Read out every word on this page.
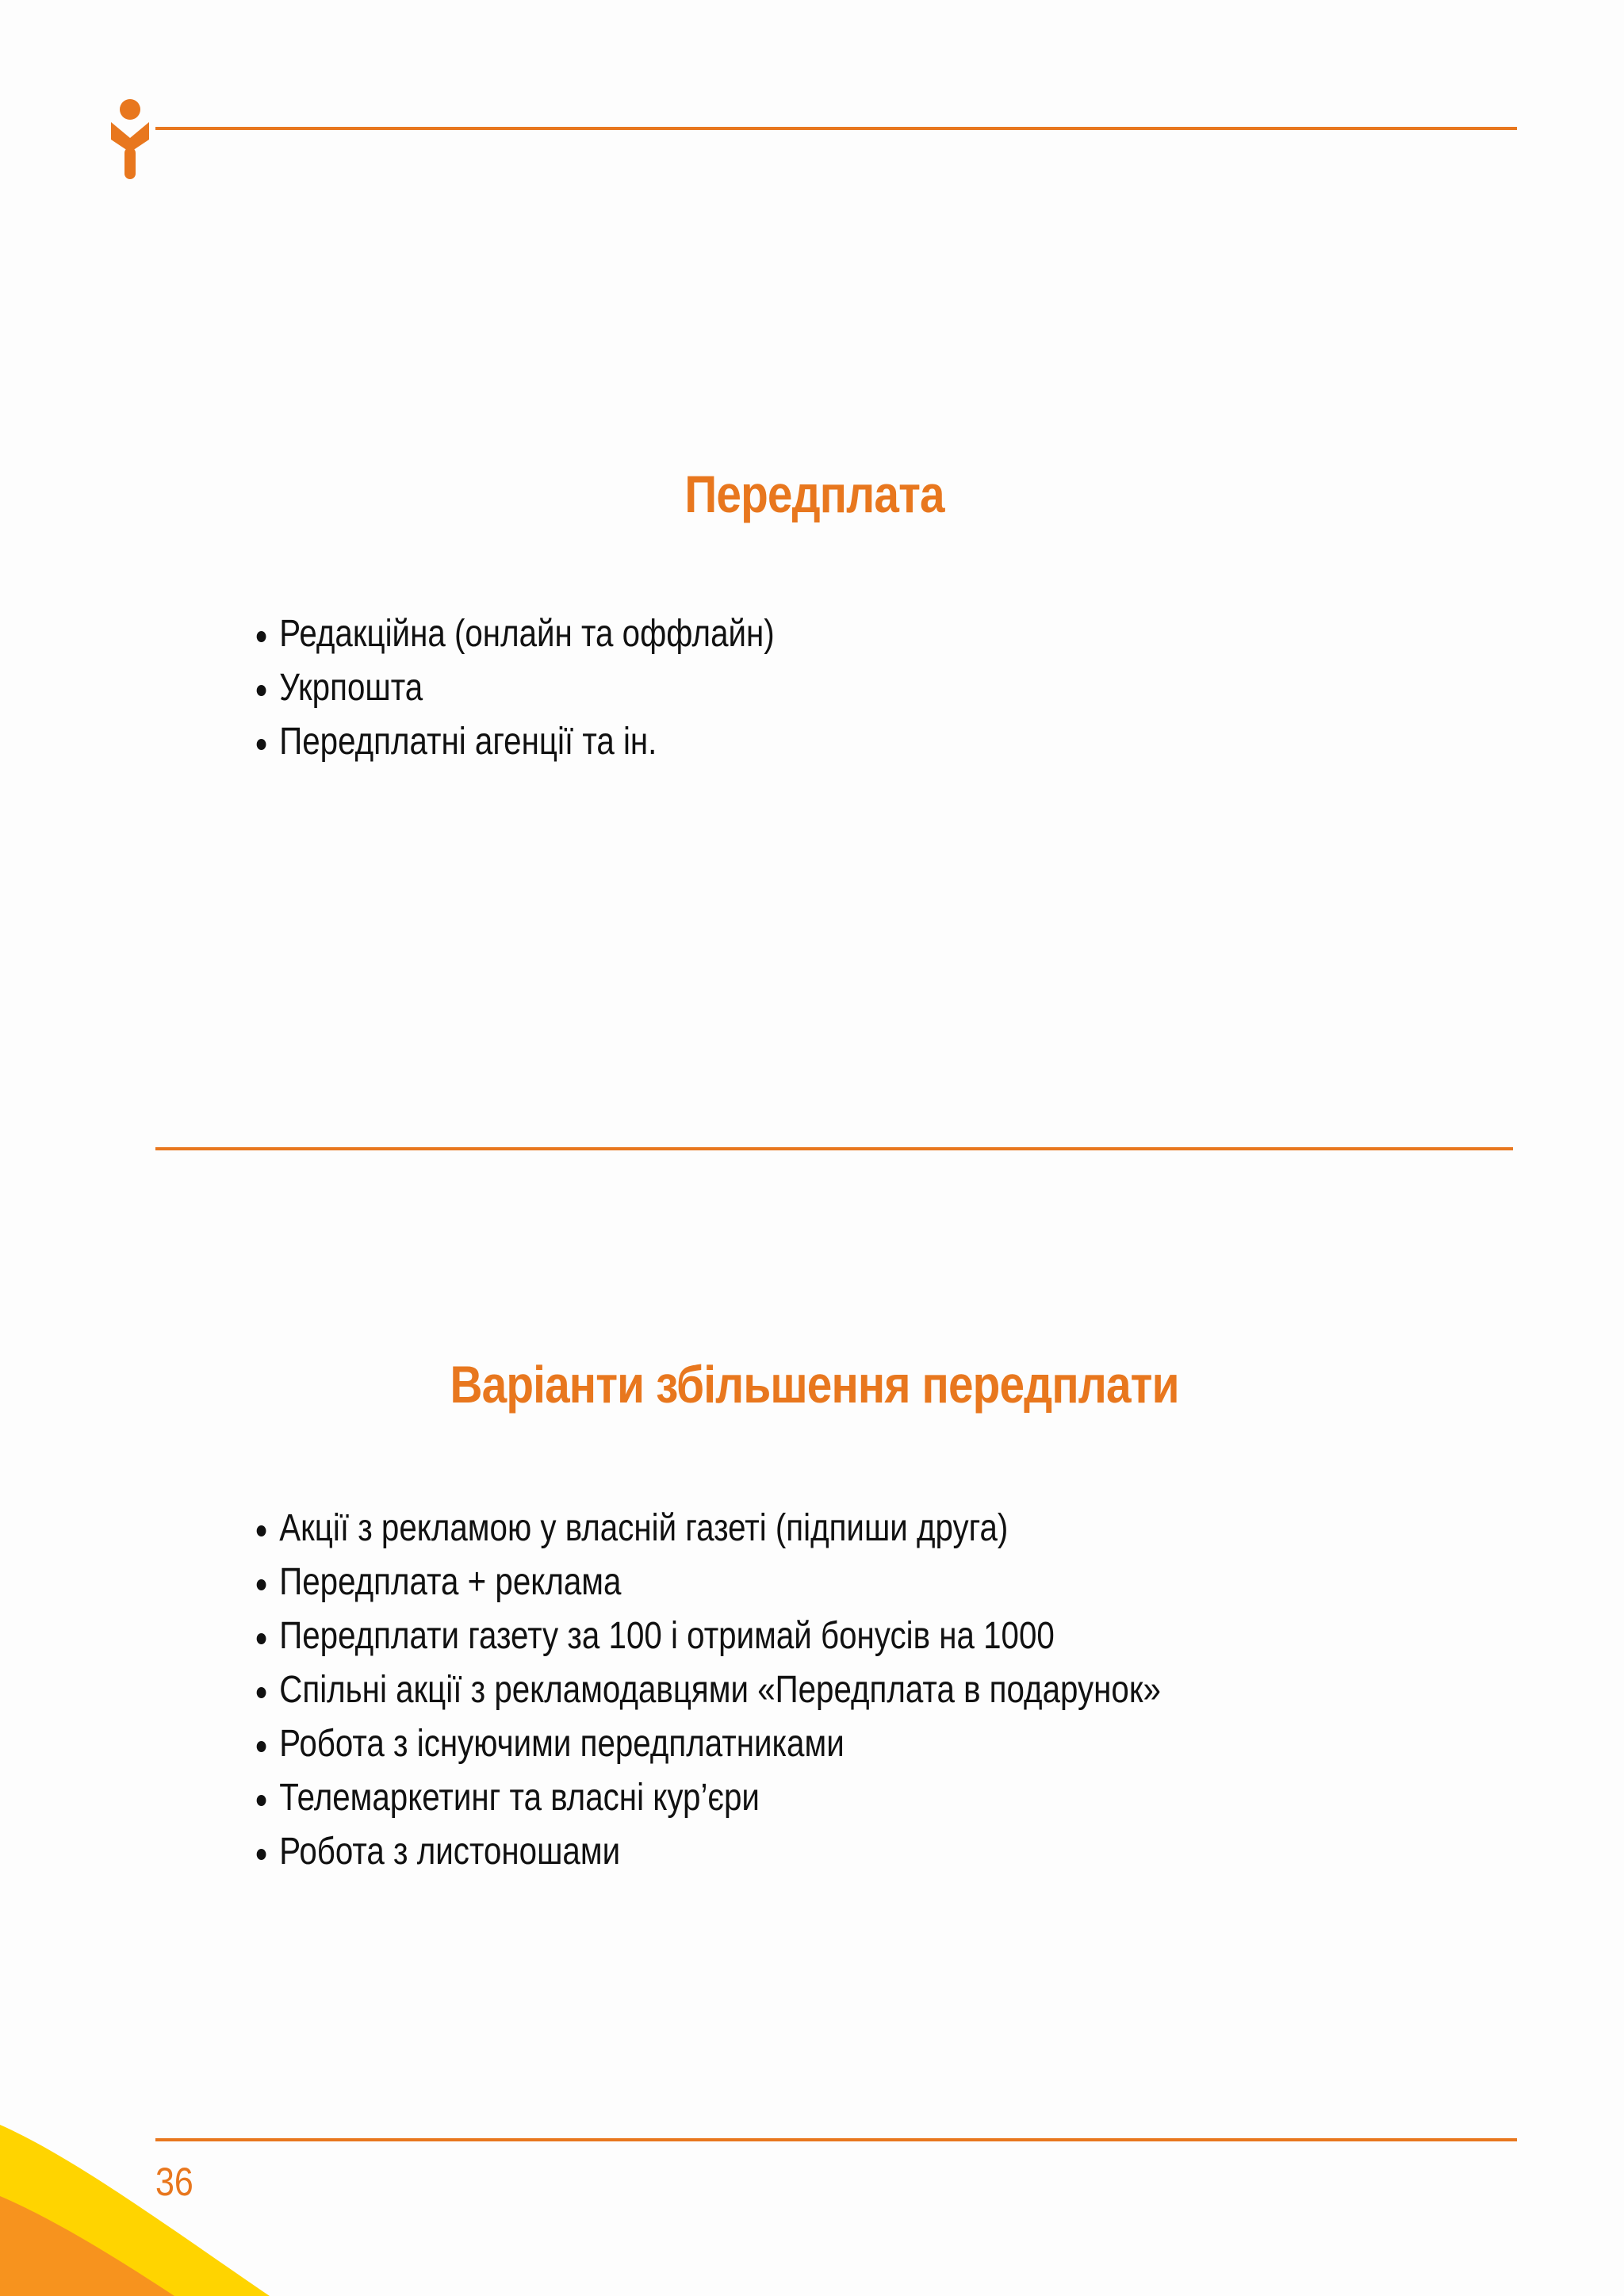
Передплата
Редакційна (онлайн та оффлайн)
Укрпошта
Передплатні агенції та ін.
Варіанти збільшення передплати
Акції з рекламою у власній газеті (підпиши друга)
Передплата + реклама
Передплати газету за 100 і отримай бонусів на 1000
Спільні акції з рекламодавцями «Передплата в подарунок»
Робота з існуючими передплатниками
Телемаркетинг та власні кур’єри
Робота з листоношами
36
